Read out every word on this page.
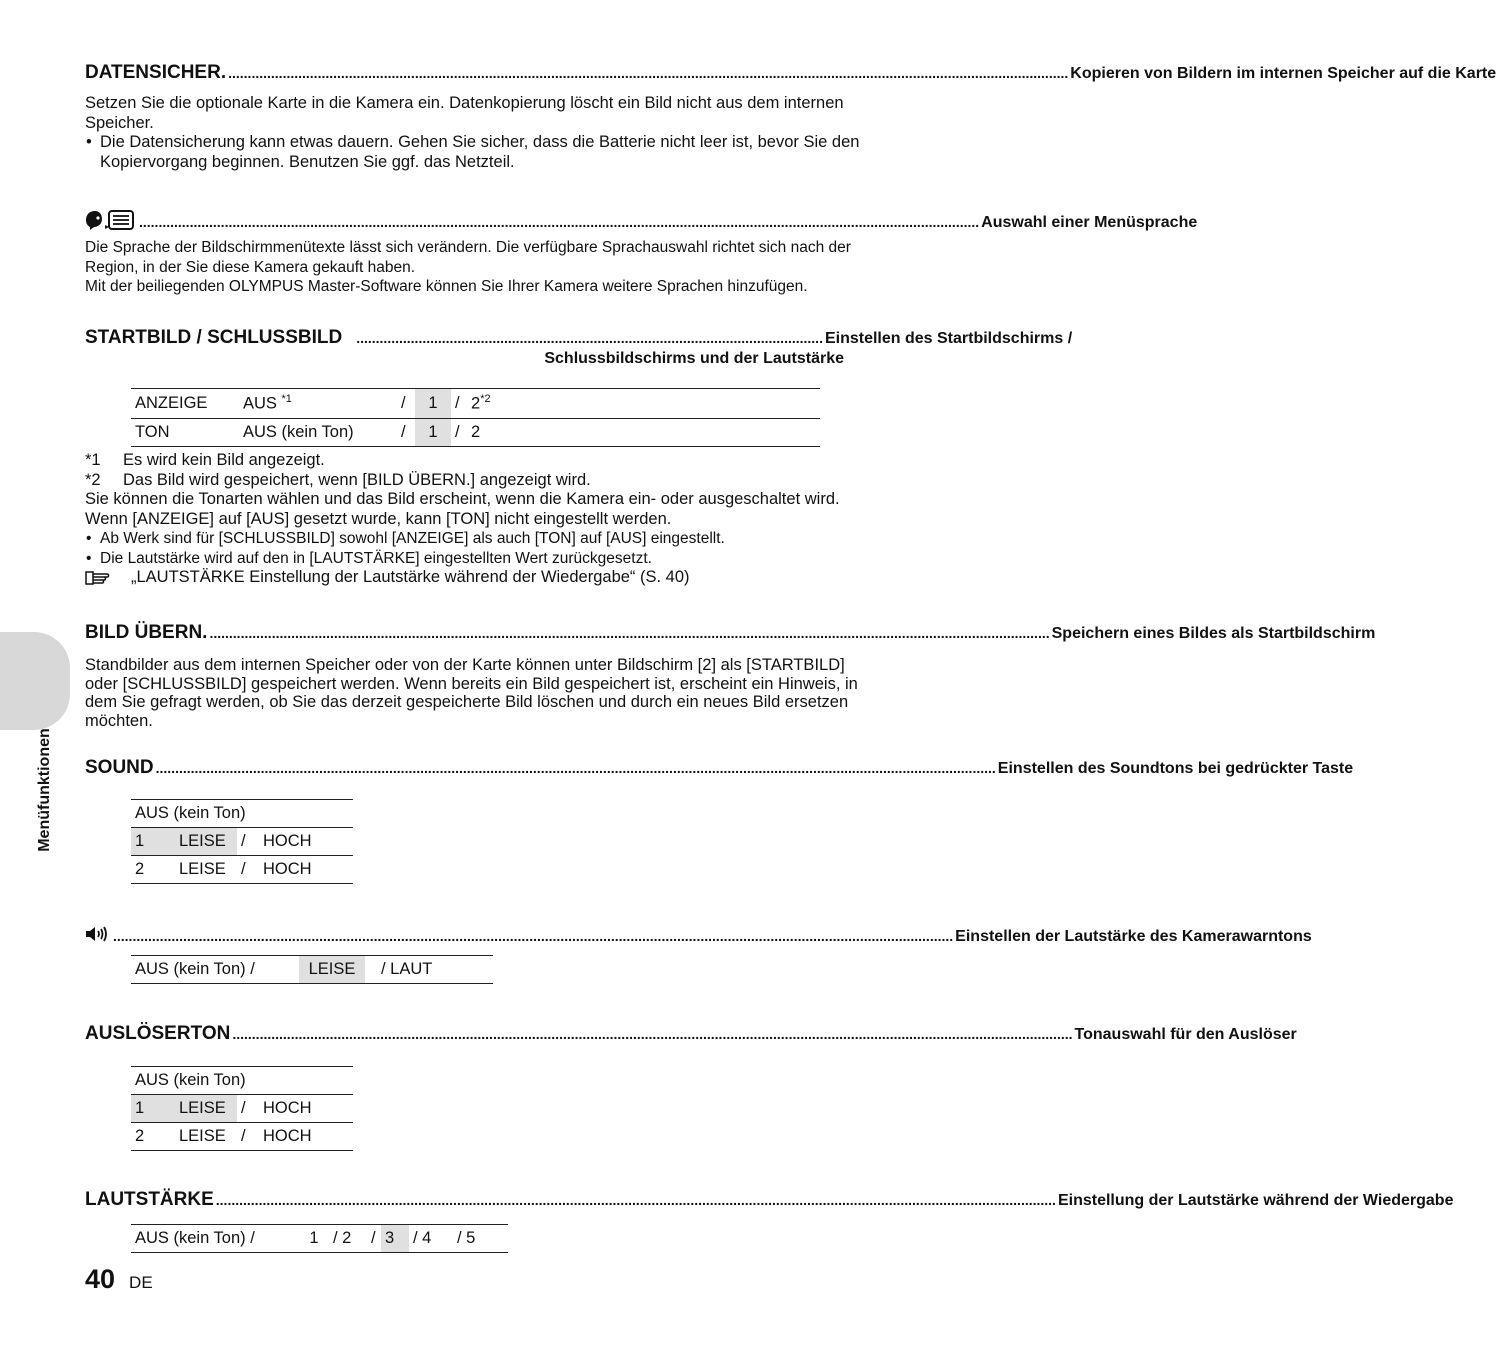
Menüfunktionen
DATENSICHER. .....	Kopieren von Bildern im internen Speicher auf die Karte
Setzen Sie die optionale Karte in die Kamera ein. Datenkopierung löscht ein Bild nicht aus dem internen Speicher.
• Die Datensicherung kann etwas dauern. Gehen Sie sicher, dass die Batterie nicht leer ist, bevor Sie den Kopiervorgang beginnen. Benutzen Sie ggf. das Netzteil.
.....
Auswahl einer Menüsprache
Die Sprache der Bildschirmmenütexte lässt sich verändern. Die verfügbare Sprachauswahl richtet sich nach der Region, in der Sie diese Kamera gekauft haben.
Mit der beiliegenden OLYMPUS Master-Software können Sie Ihrer Kamera weitere Sprachen hinzufügen.
STARTBILD / SCHLUSSBILD ........................................................................................................................ Einstellen des Startbildschirms /
Schlussbildschirms und der Lautstärke
ANZEIGE	AUS $^{*1}$	/	1	/	2$^{*2}$
TON	AUS (kein Ton)	/	1	/	2
*1	Es wird kein Bild angezeigt.
*2	Das Bild wird gespeichert, wenn [BILD ÜBERN.] angezeigt wird.
Sie können die Tonarten wählen und das Bild erscheint, wenn die Kamera ein- oder ausgeschaltet wird. Wenn [ANZEIGE] auf [AUS] gesetzt wurde, kann [TON] nicht eingestellt werden.
• Ab Werk sind für [SCHLUSSBILD] sowohl [ANZEIGE] als auch [TON] auf [AUS] eingestellt.
• Die Lautstärke wird auf den in [LAUTSTÄRKE] eingestellten Wert zurückgesetzt.
„LAUTSTÄRKE Einstellung der Lautstärke während der Wiedergabe“ (S. 40)
BILD ÜBERN. .....	Speichern eines Bildes als Startbildschirm
Standbilder aus dem internen Speicher oder von der Karte können unter Bildschirm [2] als [STARTBILD] oder [SCHLUSSBILD] gespeichert werden. Wenn bereits ein Bild gespeichert ist, erscheint ein Hinweis, in dem Sie gefragt werden, ob Sie das derzeit gespeicherte Bild löschen und durch ein neues Bild ersetzen möchten.
SOUND .....	Einstellen des Soundtons bei gedrückter Taste
AUS (kein Ton)			
1	LEISE	/	HOCH
2	LEISE	/	HOCH
.....
Einstellen der Lautstärke des Kamerawarntons
AUS (kein Ton) /	LEISE	/ LAUT
AUSLÖSERTON .....	Tonauswahl für den Auslöser
AUS (kein Ton)			
1	LEISE	/	HOCH
2	LEISE	/	HOCH
LAUTSTÄRKE .....	Einstellung der Lautstärke während der Wiedergabe
AUS (kein Ton) /	1	/ 2	/	3	/ 4	/ 5
40 DE
